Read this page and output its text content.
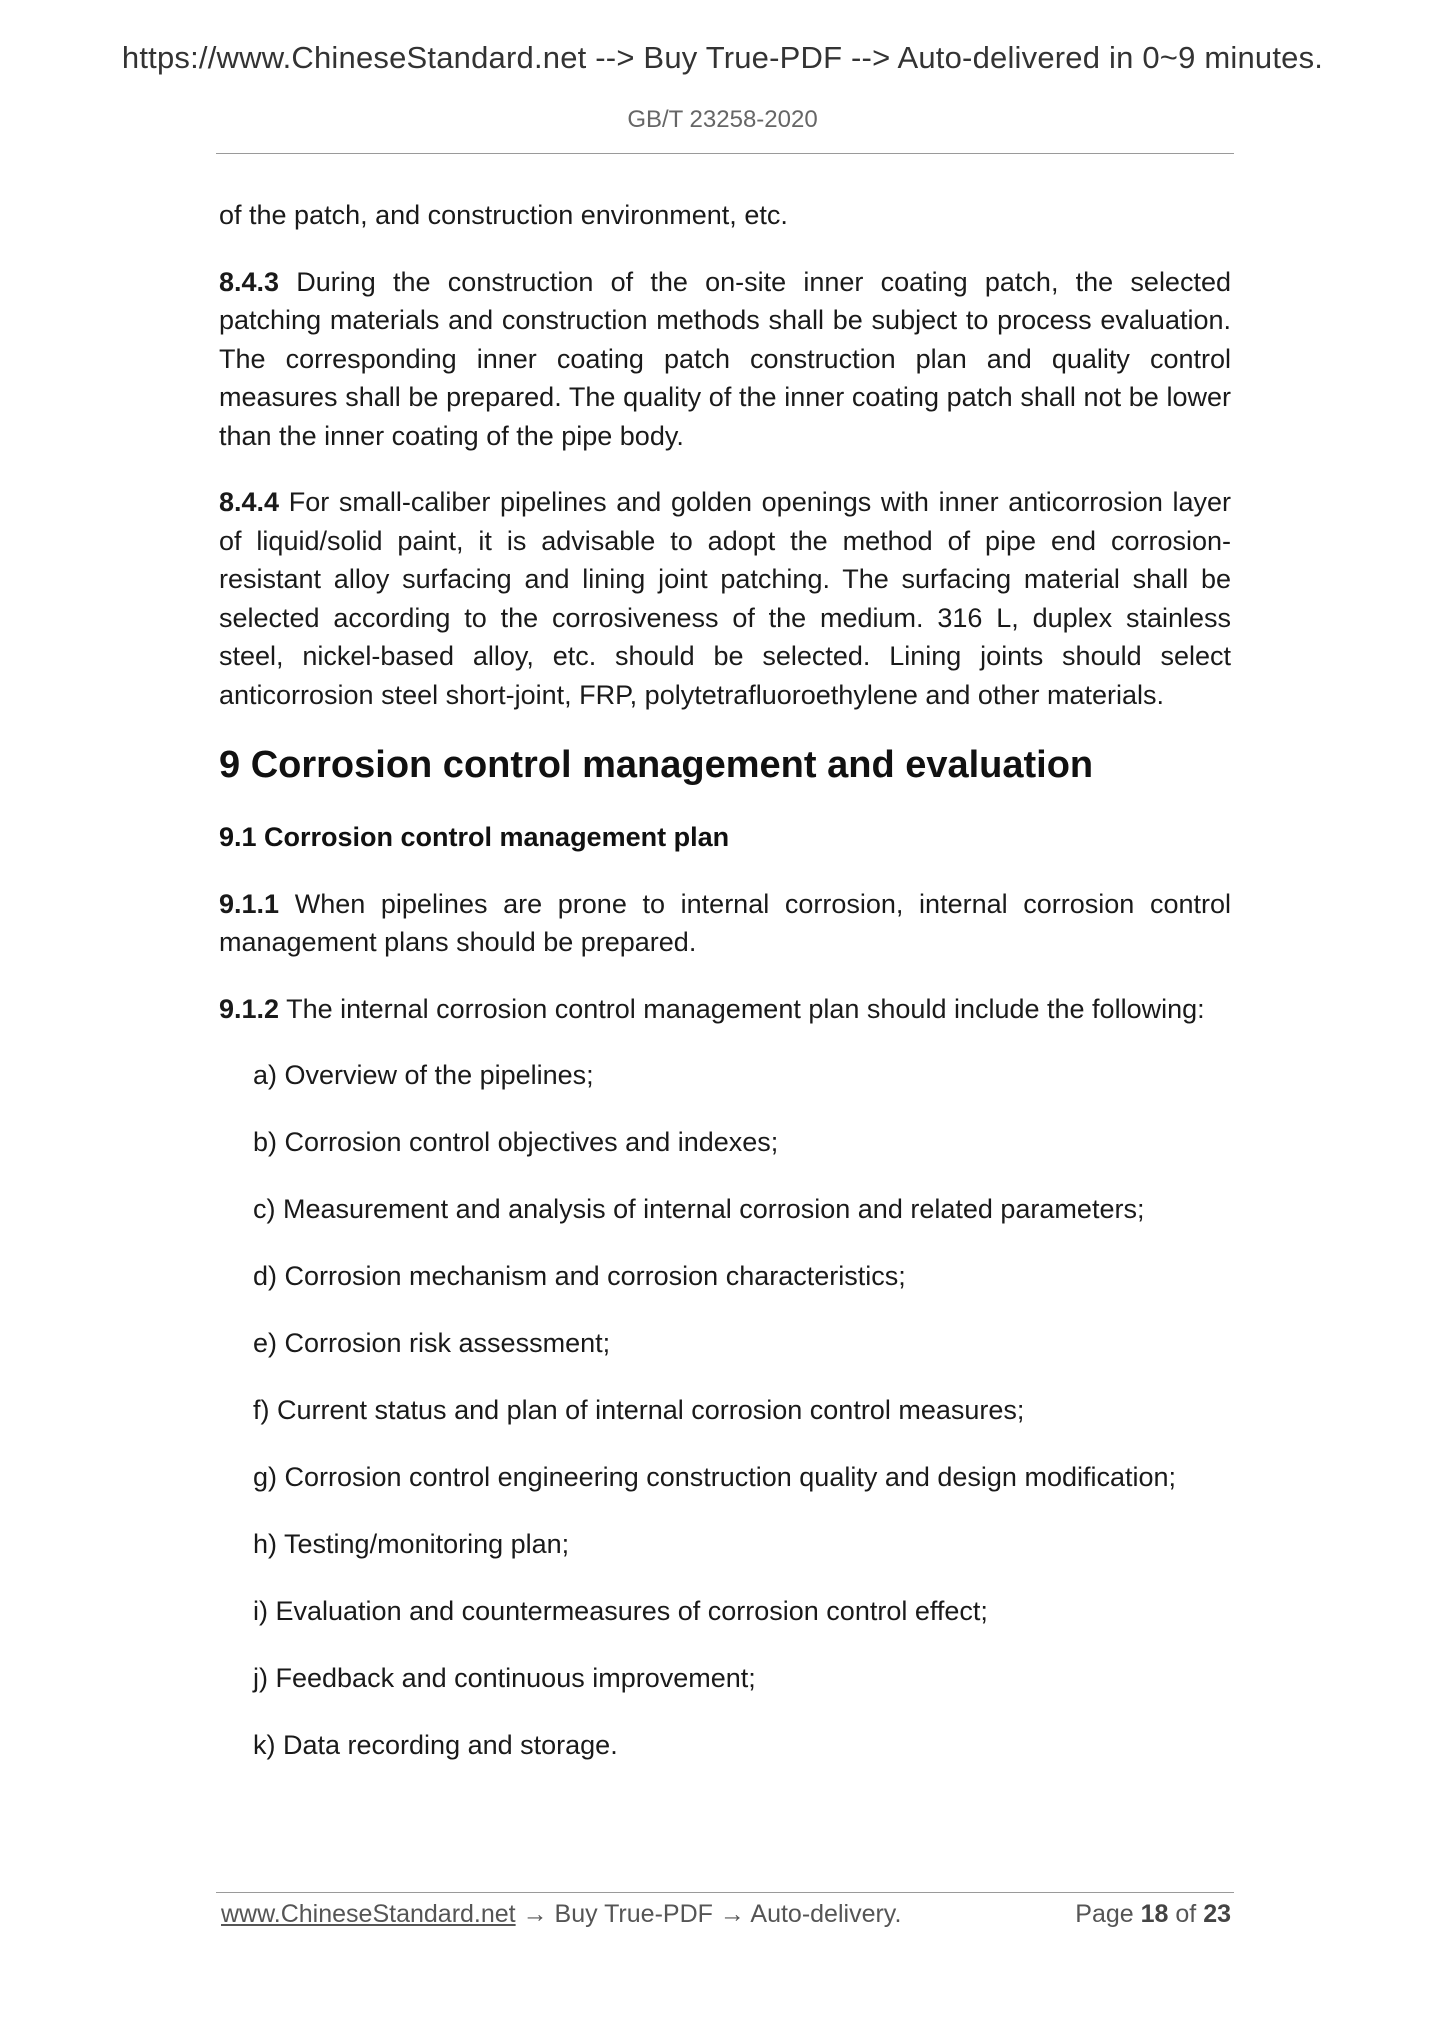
https://www.ChineseStandard.net --> Buy True-PDF --> Auto-delivered in 0~9 minutes.
GB/T 23258-2020

of the patch, and construction environment, etc.

8.4.3 During the construction of the on-site inner coating patch, the selected patching materials and construction methods shall be subject to process evaluation. The corresponding inner coating patch construction plan and quality control measures shall be prepared. The quality of the inner coating patch shall not be lower than the inner coating of the pipe body.

8.4.4 For small-caliber pipelines and golden openings with inner anticorrosion layer of liquid/solid paint, it is advisable to adopt the method of pipe end corrosion-resistant alloy surfacing and lining joint patching. The surfacing material shall be selected according to the corrosiveness of the medium. 316 L, duplex stainless steel, nickel-based alloy, etc. should be selected. Lining joints should select anticorrosion steel short-joint, FRP, polytetrafluoroethylene and other materials.

9 Corrosion control management and evaluation

9.1 Corrosion control management plan

9.1.1 When pipelines are prone to internal corrosion, internal corrosion control management plans should be prepared.

9.1.2 The internal corrosion control management plan should include the following:

a) Overview of the pipelines;
b) Corrosion control objectives and indexes;
c) Measurement and analysis of internal corrosion and related parameters;
d) Corrosion mechanism and corrosion characteristics;
e) Corrosion risk assessment;
f) Current status and plan of internal corrosion control measures;
g) Corrosion control engineering construction quality and design modification;
h) Testing/monitoring plan;
i) Evaluation and countermeasures of corrosion control effect;
j) Feedback and continuous improvement;
k) Data recording and storage.
www.ChineseStandard.net → Buy True-PDF → Auto-delivery.	Page 18 of 23
